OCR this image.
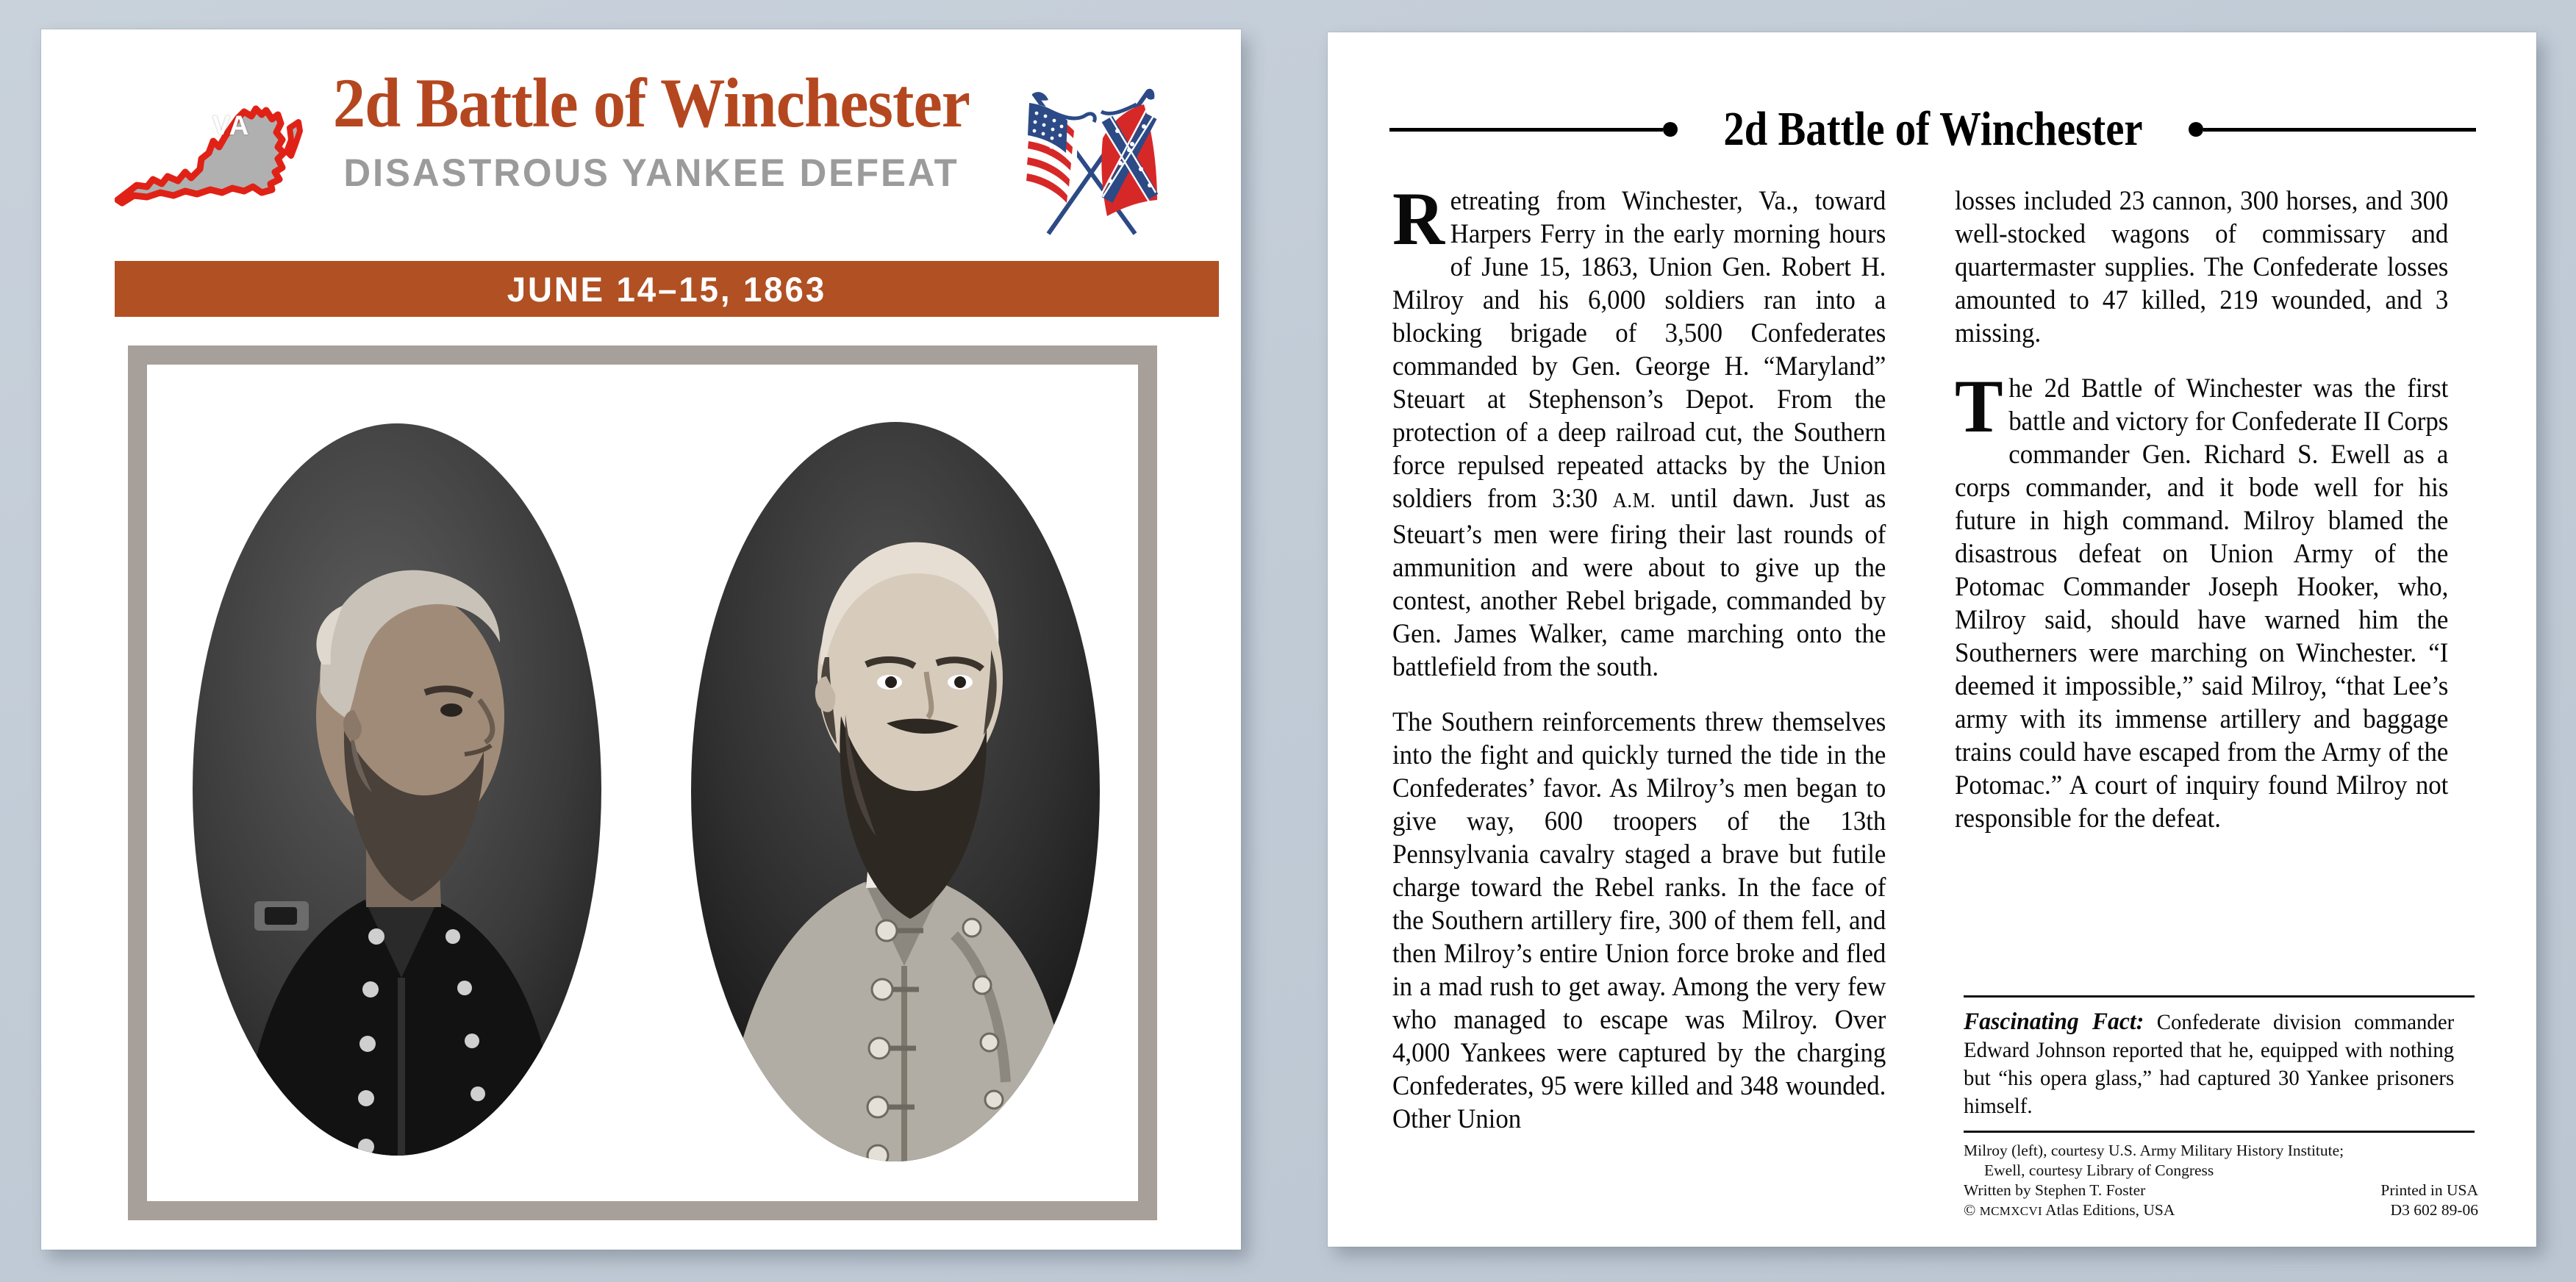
VA	2d Battle of Winchester
DISASTROUS YANKEE DEFEAT
JUNE 14–15, 1863
2d Battle of Winchester

Retreating from Winchester, Va., toward Harpers Ferry in the early morning hours of June 15, 1863, Union Gen. Robert H. Milroy and his 6,000 soldiers ran into a blocking brigade of 3,500 Confederates commanded by Gen. George H. “Maryland” Steuart at Stephenson’s Depot. From the protection of a deep railroad cut, the Southern force repulsed repeated attacks by the Union soldiers from 3:30 A.M. until dawn. Just as Steuart’s men were firing their last rounds of ammunition and were about to give up the contest, another Rebel brigade, commanded by Gen. James Walker, came marching onto the battlefield from the south.

The Southern reinforcements threw themselves into the fight and quickly turned the tide in the Confederates’ favor. As Milroy’s men began to give way, 600 troopers of the 13th Pennsylvania cavalry staged a brave but futile charge toward the Rebel ranks. In the face of the Southern artillery fire, 300 of them fell, and then Milroy’s entire Union force broke and fled in a mad rush to get away. Among the very few who managed to escape was Milroy. Over 4,000 Yankees were captured by the charging Confederates, 95 were killed and 348 wounded. Other Union

losses included 23 cannon, 300 horses, and 300 well-stocked wagons of commissary and quartermaster supplies. The Confederate losses amounted to 47 killed, 219 wounded, and 3 missing.

The 2d Battle of Winchester was the first battle and victory for Confederate II Corps commander Gen. Richard S. Ewell as a corps commander, and it bode well for his future in high command. Milroy blamed the disastrous defeat on Union Army of the Potomac Commander Joseph Hooker, who, Milroy said, should have warned him the Southerners were marching on Winchester. “I deemed it impossible,” said Milroy, “that Lee’s army with its immense artillery and baggage trains could have escaped from the Army of the Potomac.” A court of inquiry found Milroy not responsible for the defeat.

Fascinating Fact: Confederate division commander Edward Johnson reported that he, equipped with nothing but “his opera glass,” had captured 30 Yankee prisoners himself.

Milroy (left), courtesy U.S. Army Military History Institute;
Ewell, courtesy Library of Congress
Written by Stephen T. Foster	Printed in USA
© MCMXCVI Atlas Editions, USA	D3 602 89-06
